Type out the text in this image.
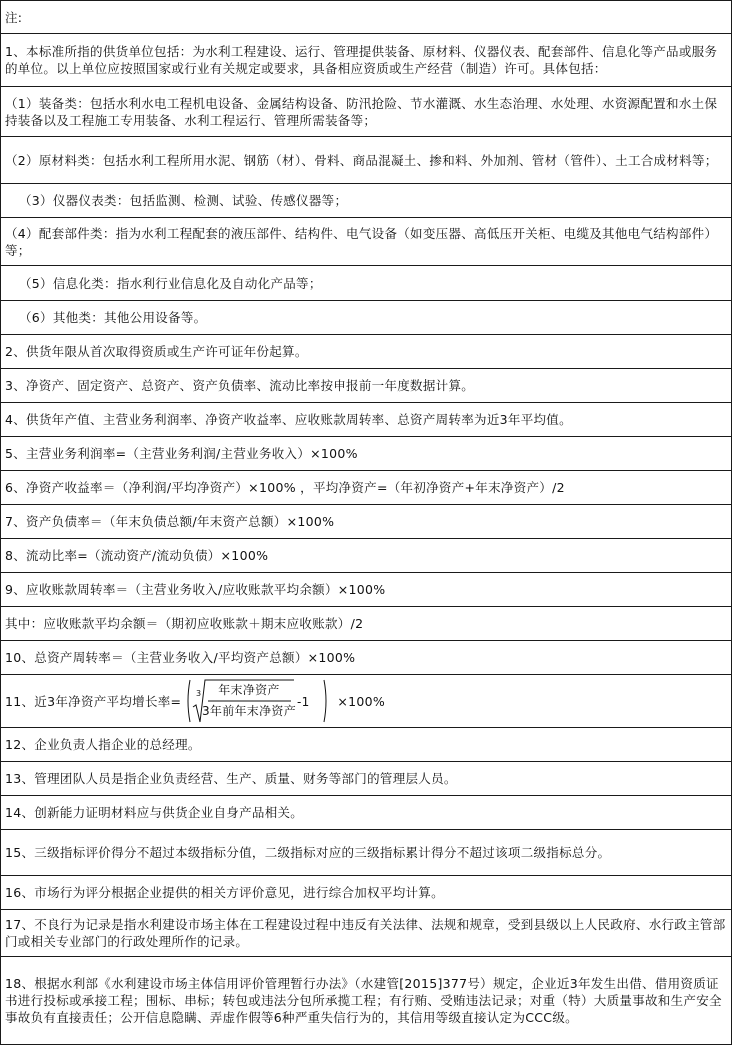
注:
1、本标准所指的供货单位包括：为水利工程建设、运行、管理提供装备、原材料、仪器仪表、配套部件、信息化等产品或服务的单位。以上单位应按照国家或行业有关规定或要求，具备相应资质或生产经营（制造）许可。具体包括：
（1）装备类：包括水利水电工程机电设备、金属结构设备、防汛抢险、节水灌溉、水生态治理、水处理、水资源配置和水土保持装备以及工程施工专用装备、水利工程运行、管理所需装备等；
（2）原材料类：包括水利工程所用水泥、钢筋（材）、骨料、商品混凝土、掺和料、外加剂、管材（管件）、土工合成材料等；
（3）仪器仪表类：包括监测、检测、试验、传感仪器等；
（4）配套部件类：指为水利工程配套的液压部件、结构件、电气设备（如变压器、高低压开关柜、电缆及其他电气结构部件）等；
（5）信息化类：指水利行业信息化及自动化产品等；
（6）其他类：其他公用设备等。
2、供货年限从首次取得资质或生产许可证年份起算。
3、净资产、固定资产、总资产、资产负债率、流动比率按申报前一年度数据计算。
4、供货年产值、主营业务利润率、净资产收益率、应收账款周转率、总资产周转率为近3年平均值。
5、主营业务利润率=（主营业务利润/主营业务收入）×100%
6、净资产收益率＝（净利润/平均净资产）×100% ，平均净资产=（年初净资产+年末净资产）/2
7、资产负债率＝（年末负债总额/年末资产总额）×100%
8、流动比率=（流动资产/流动负债）×100%
9、应收账款周转率＝（主营业务收入/应收账款平均余额）×100%
其中：应收账款平均余额＝（期初应收账款＋期末应收账款）/2
10、总资产周转率＝（主营业务收入/平均资产总额）×100%

11、近3年净资产平均增长率= 3 年末净资产
3年前年末净资产
-1 ×100%

12、企业负责人指企业的总经理。
13、管理团队人员是指企业负责经营、生产、质量、财务等部门的管理层人员。
14、创新能力证明材料应与供货企业自身产品相关。
15、三级指标评价得分不超过本级指标分值，二级指标对应的三级指标累计得分不超过该项二级指标总分。
16、市场行为评分根据企业提供的相关方评价意见，进行综合加权平均计算。
17、不良行为记录是指水利建设市场主体在工程建设过程中违反有关法律、法规和规章，受到县级以上人民政府、水行政主管部门或相关专业部门的行政处理所作的记录。
18、根据水利部《水利建设市场主体信用评价管理暂行办法》（水建管[2015]377号）规定，企业近3年发生出借、借用资质证书进行投标或承接工程；围标、串标；转包或违法分包所承揽工程；有行贿、受贿违法记录；对重（特）大质量事故和生产安全事故负有直接责任；公开信息隐瞒、弄虚作假等6种严重失信行为的，其信用等级直接认定为CCC级。
